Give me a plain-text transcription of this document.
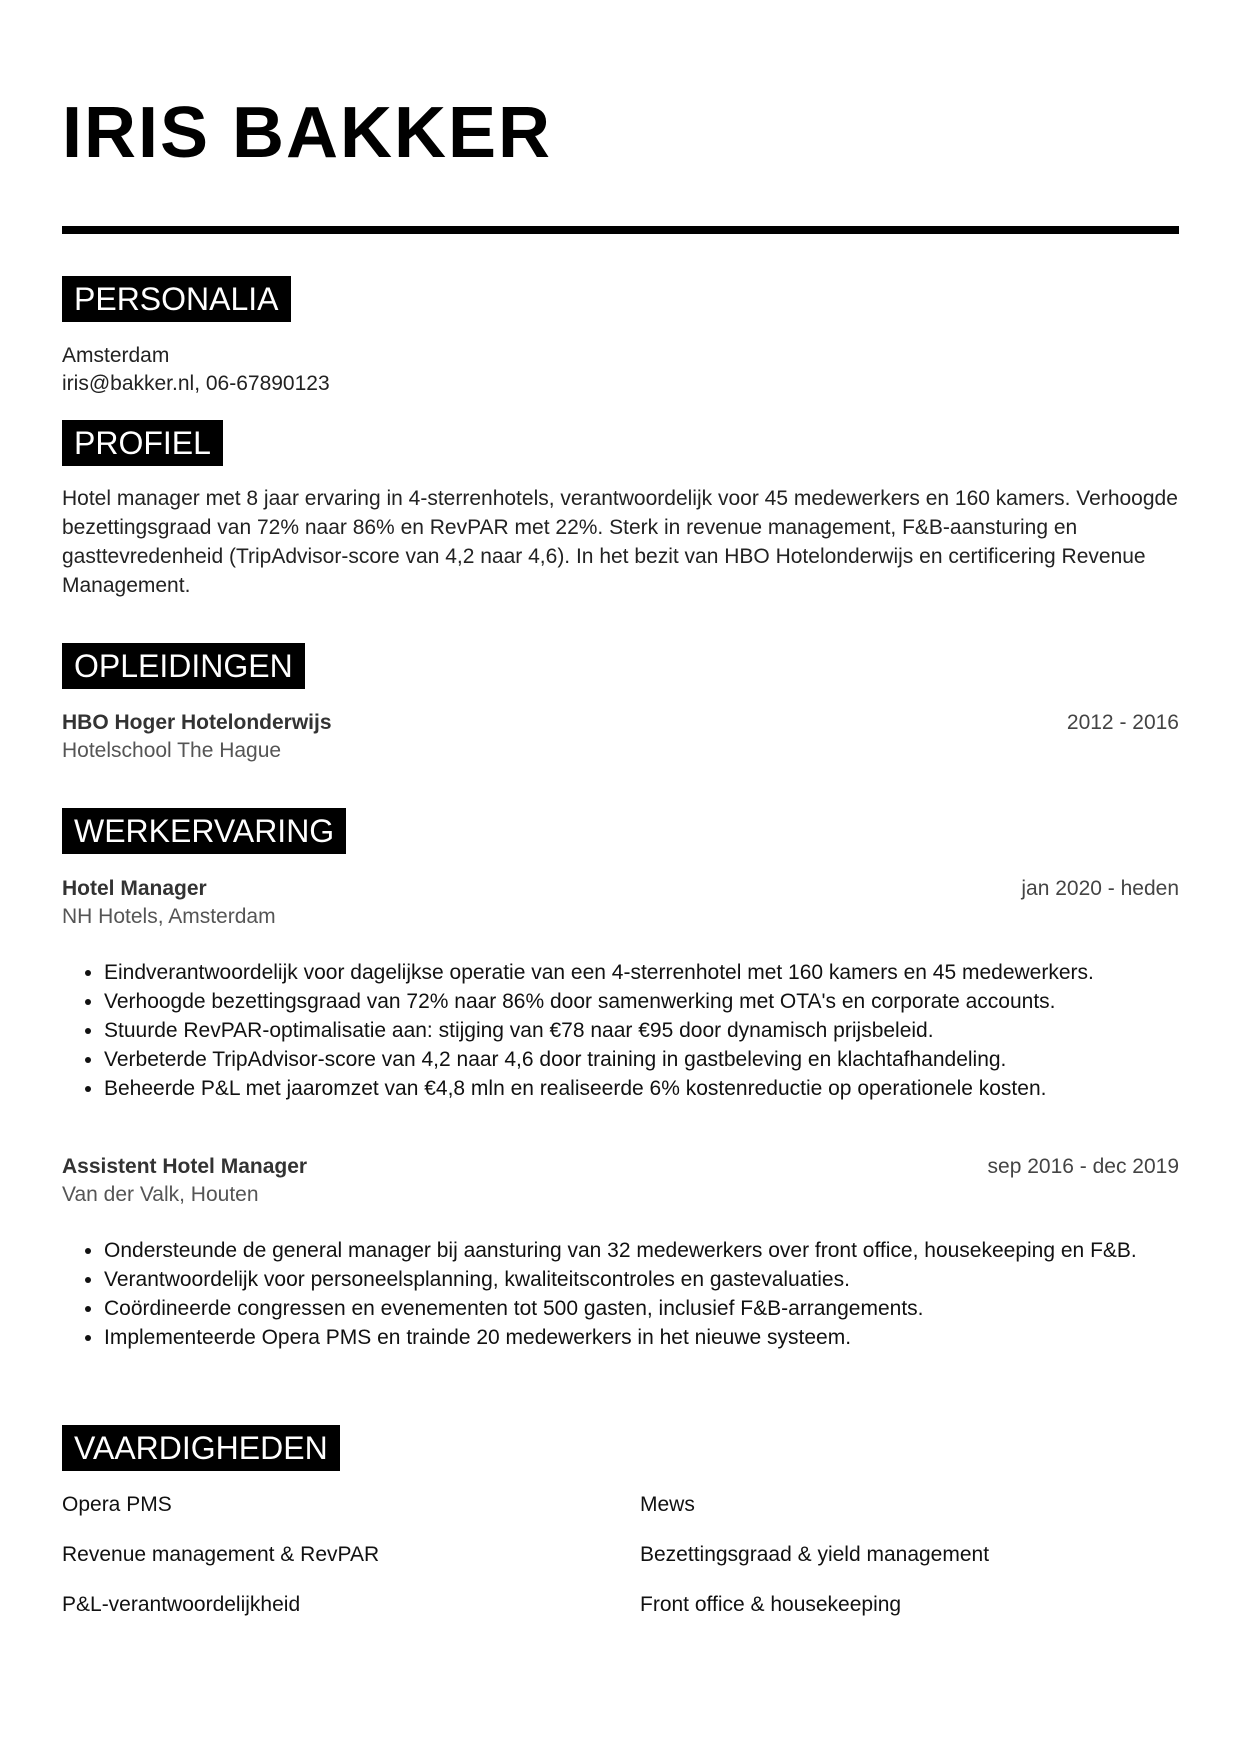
IRIS BAKKER
PERSONALIA
Amsterdam
iris@bakker.nl, 06-67890123
PROFIEL
Hotel manager met 8 jaar ervaring in 4-sterrenhotels, verantwoordelijk voor 45 medewerkers en 160 kamers. Verhoogde bezettingsgraad van 72% naar 86% en RevPAR met 22%. Sterk in revenue management, F&B-aansturing en gasttevredenheid (TripAdvisor-score van 4,2 naar 4,6). In het bezit van HBO Hotelonderwijs en certificering Revenue Management.
OPLEIDINGEN
HBO Hoger Hotelonderwijs	2012 - 2016
Hotelschool The Hague
WERKERVARING
Hotel Manager	jan 2020 - heden
NH Hotels, Amsterdam
• Eindverantwoordelijk voor dagelijkse operatie van een 4-sterrenhotel met 160 kamers en 45 medewerkers.
• Verhoogde bezettingsgraad van 72% naar 86% door samenwerking met OTA's en corporate accounts.
• Stuurde RevPAR-optimalisatie aan: stijging van €78 naar €95 door dynamisch prijsbeleid.
• Verbeterde TripAdvisor-score van 4,2 naar 4,6 door training in gastbeleving en klachtafhandeling.
• Beheerde P&L met jaaromzet van €4,8 mln en realiseerde 6% kostenreductie op operationele kosten.
Assistent Hotel Manager	sep 2016 - dec 2019
Van der Valk, Houten
• Ondersteunde de general manager bij aansturing van 32 medewerkers over front office, housekeeping en F&B.
• Verantwoordelijk voor personeelsplanning, kwaliteitscontroles en gastevaluaties.
• Coördineerde congressen en evenementen tot 500 gasten, inclusief F&B-arrangements.
• Implementeerde Opera PMS en trainde 20 medewerkers in het nieuwe systeem.
VAARDIGHEDEN
Opera PMS	Mews
Revenue management & RevPAR	Bezettingsgraad & yield management
P&L-verantwoordelijkheid	Front office & housekeeping
